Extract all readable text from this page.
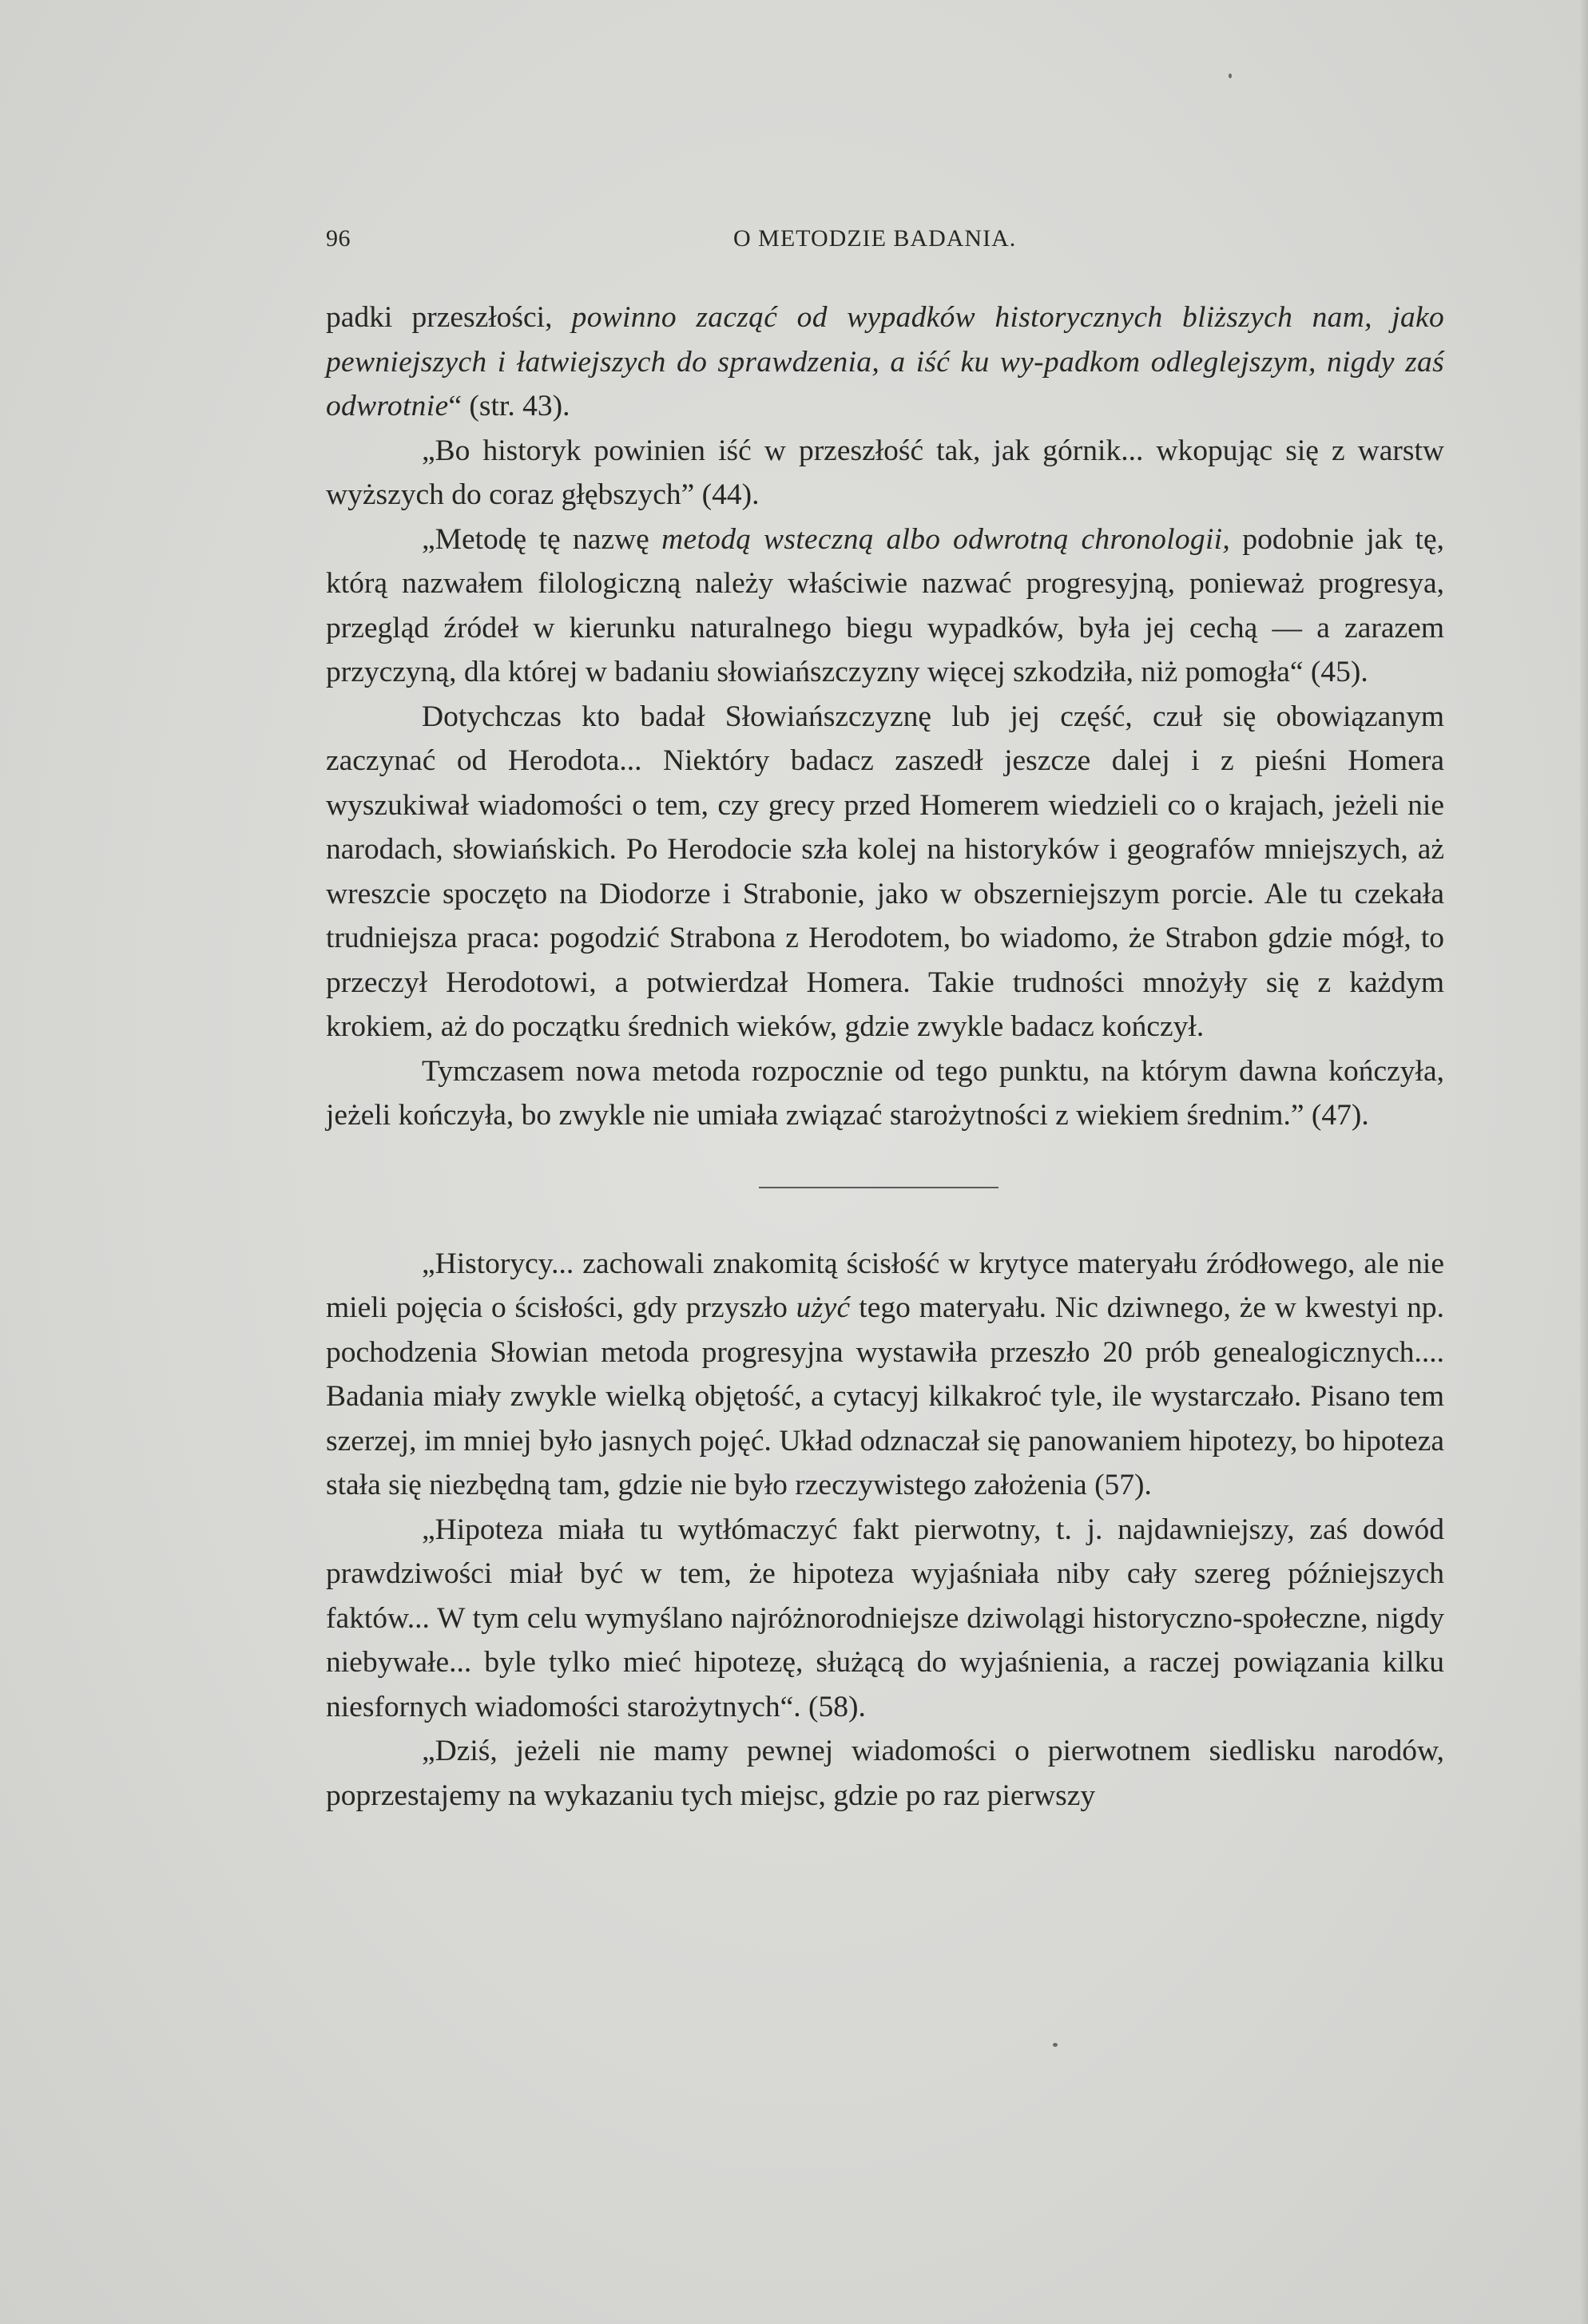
96	O METODZIE BADANIA.

padki przeszłości, powinno zacząć od wypadków historycznych bliższych nam, jako pewniejszych i łatwiejszych do sprawdzenia, a iść ku wy-padkom odleglejszym, nigdy zaś odwrotnie“ (str. 43).

„Bo historyk powinien iść w przeszłość tak, jak górnik... wkopując się z warstw wyższych do coraz głębszych” (44).

„Metodę tę nazwę metodą wsteczną albo odwrotną chronologii, podobnie jak tę, którą nazwałem filologiczną należy właściwie nazwać progresyjną, ponieważ progresya, przegląd źródeł w kierunku naturalnego biegu wypadków, była jej cechą — a zarazem przyczyną, dla której w badaniu słowiańszczyzny więcej szkodziła, niż pomogła“ (45).

Dotychczas kto badał Słowiańszczyznę lub jej część, czuł się obowiązanym zaczynać od Herodota... Niektóry badacz zaszedł jeszcze dalej i z pieśni Homera wyszukiwał wiadomości o tem, czy grecy przed Homerem wiedzieli co o krajach, jeżeli nie narodach, słowiańskich. Po Herodocie szła kolej na historyków i geografów mniejszych, aż wreszcie spoczęto na Diodorze i Strabonie, jako w obszerniejszym porcie. Ale tu czekała trudniejsza praca: pogodzić Strabona z Herodotem, bo wiadomo, że Strabon gdzie mógł, to przeczył Herodotowi, a potwierdzał Homera. Takie trudności mnożyły się z każdym krokiem, aż do początku średnich wieków, gdzie zwykle badacz kończył.

Tymczasem nowa metoda rozpocznie od tego punktu, na którym dawna kończyła, jeżeli kończyła, bo zwykle nie umiała związać starożytności z wiekiem średnim.” (47).

„Historycy... zachowali znakomitą ścisłość w krytyce materyału źródłowego, ale nie mieli pojęcia o ścisłości, gdy przyszło użyć tego materyału. Nic dziwnego, że w kwestyi np. pochodzenia Słowian metoda progresyjna wystawiła przeszło 20 prób genealogicznych.... Badania miały zwykle wielką objętość, a cytacyj kilkakroć tyle, ile wystarczało. Pisano tem szerzej, im mniej było jasnych pojęć. Układ odznaczał się panowaniem hipotezy, bo hipoteza stała się niezbędną tam, gdzie nie było rzeczywistego założenia (57).

„Hipoteza miała tu wytłómaczyć fakt pierwotny, t. j. najdawniejszy, zaś dowód prawdziwości miał być w tem, że hipoteza wyjaśniała niby cały szereg późniejszych faktów... W tym celu wymyślano najróżnorodniejsze dziwolągi historyczno-społeczne, nigdy niebywałe... byle tylko mieć hipotezę, służącą do wyjaśnienia, a raczej powiązania kilku niesfornych wiadomości starożytnych“. (58).

„Dziś, jeżeli nie mamy pewnej wiadomości o pierwotnem siedlisku narodów, poprzestajemy na wykazaniu tych miejsc, gdzie po raz pierwszy
